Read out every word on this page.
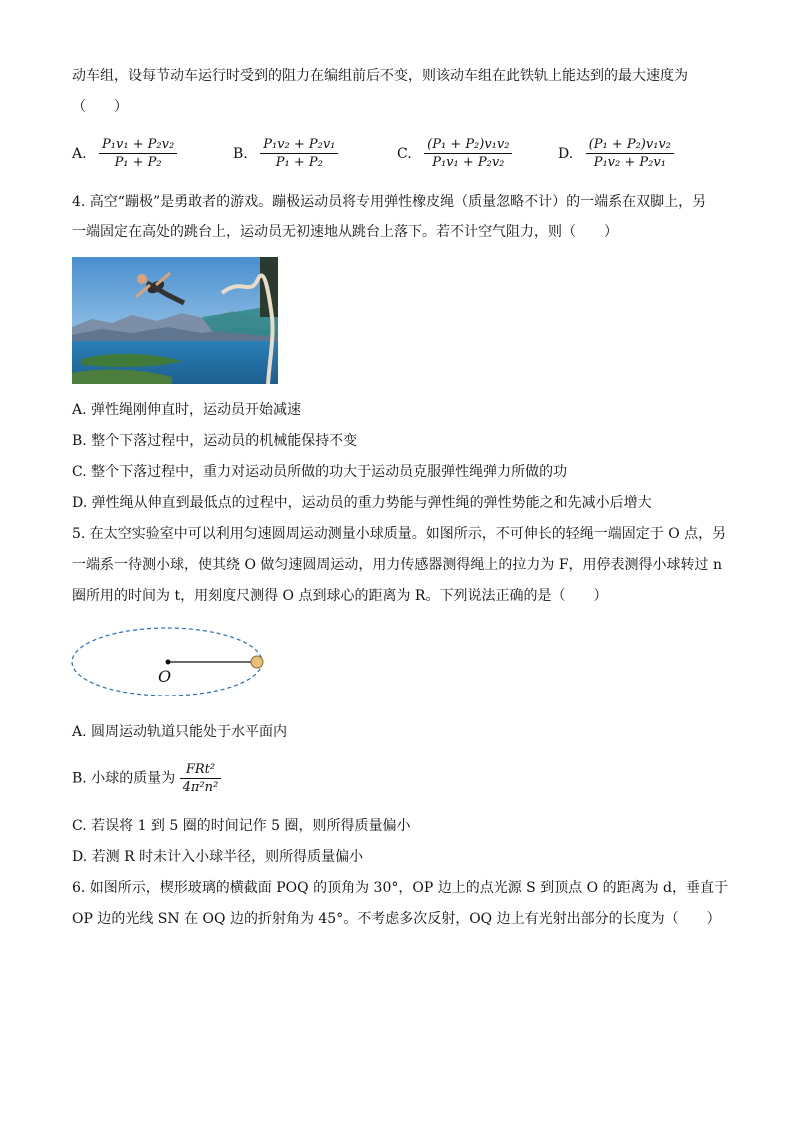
动车组，设每节动车运行时受到的阻力在编组前后不变，则该动车组在此铁轨上能达到的最大速度为
（　　）
A. $\frac{\text{P₁v₁ + P₂v₂}}{\text{P₁ + P₂}}$	B. $\frac{\text{P₁v₂ + P₂v₁}}{\text{P₁ + P₂}}$	C. $\frac{\text{(P₁ + P₂)v₁v₂}}{\text{P₁v₁ + P₂v₂}}$	D. $\frac{\text{(P₁ + P₂)v₁v₂}}{\text{P₁v₂ + P₂v₁}}$
4. 高空“蹦极”是勇敢者的游戏。蹦极运动员将专用弹性橡皮绳（质量忽略不计）的一端系在双脚上，另
一端固定在高处的跳台上，运动员无初速地从跳台上落下。若不计空气阻力，则（　　）
A. 弹性绳刚伸直时，运动员开始减速
B. 整个下落过程中，运动员的机械能保持不变
C. 整个下落过程中，重力对运动员所做的功大于运动员克服弹性绳弹力所做的功
D. 弹性绳从伸直到最低点的过程中，运动员的重力势能与弹性绳的弹性势能之和先减小后增大
5. 在太空实验室中可以利用匀速圆周运动测量小球质量。如图所示，不可伸长的轻绳一端固定于 O 点，另
一端系一待测小球，使其绕 O 做匀速圆周运动，用力传感器测得绳上的拉力为 F，用停表测得小球转过 n
圈所用的时间为 t，用刻度尺测得 O 点到球心的距离为 R。下列说法正确的是（　　）
O
A. 圆周运动轨道只能处于水平面内
B. 小球的质量为 $\frac{\text{FRt²}}{\text{4π²n²}}$
C. 若误将 1 到 5 圈的时间记作 5 圈，则所得质量偏小
D. 若测 R 时未计入小球半径，则所得质量偏小
6. 如图所示，楔形玻璃的横截面 POQ 的顶角为 30°，OP 边上的点光源 S 到顶点 O 的距离为 d，垂直于
OP 边的光线 SN 在 OQ 边的折射角为 45°。不考虑多次反射，OQ 边上有光射出部分的长度为（　　）
